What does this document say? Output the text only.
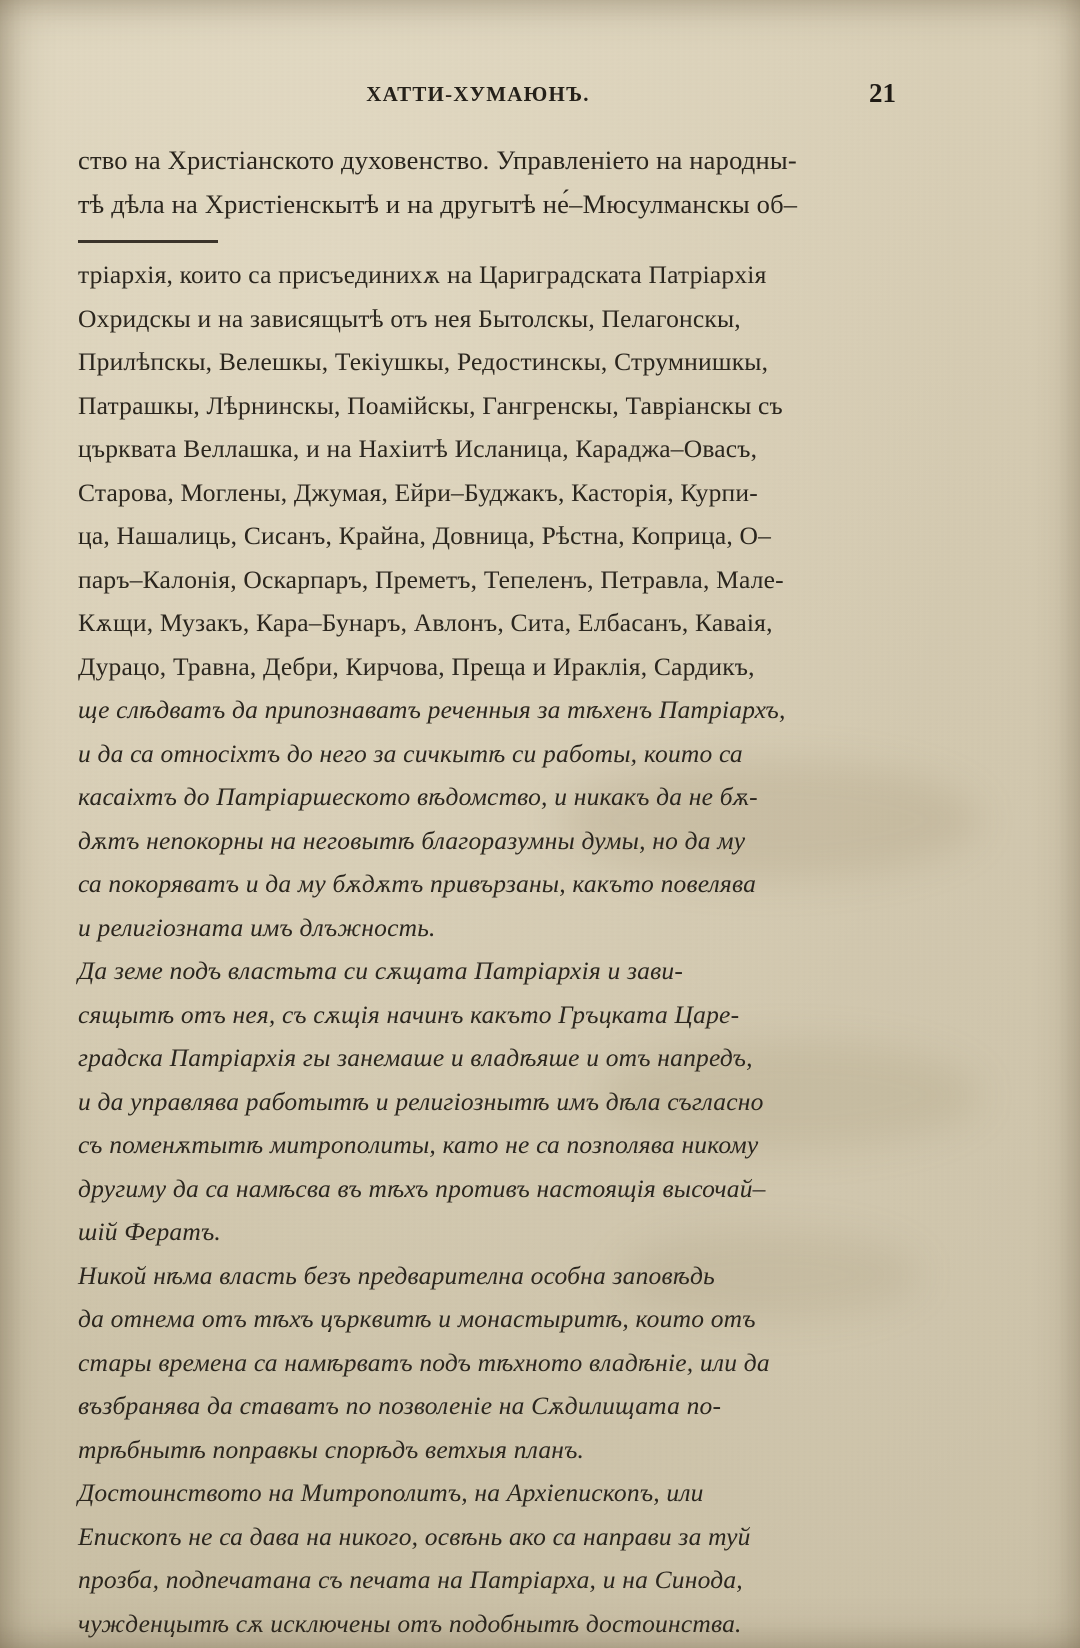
ХАТТИ-ХУМАЮНЪ.	21
ство на Христіанското духовенство. Управленіето на народны-
тѣ дѣла на Христіенскытѣ и на другытѣ не́–Мюсулманскы об–
тріархія, които са присъединихѫ на Цариградската Патріархія
Охридскы и на зависящытѣ отъ нея Бытолскы, Пелагонскы,
Прилѣпскы, Велешкы, Текіушкы, Редостинскы, Струмнишкы,
Патрашкы, Лѣрнинскы, Поамійскы, Гангренскы, Тавріанскы съ
църквата Веллашка, и на Нахіитѣ Исланица, Караджа–Овасъ,
Старова, Моглены, Джумая, Ейри–Буджакъ, Касторія, Курпи-
ца, Нашалиць, Сисанъ, Крайна, Довница, Рѣстна, Коприца, О–
паръ–Калонія, Оскарпаръ, Преметъ, Тепеленъ, Петравла, Мале-
Кѫщи, Музакъ, Кара–Бунаръ, Авлонъ, Сита, Елбасанъ, Каваія,
Дурацо, Травна, Дебри, Кирчова, Преща и Ираклія, Сардикъ,
ще слѣдватъ да припознаватъ реченныя за тѣхенъ Патріархъ,
и да са относіхтъ до него за сичкытѣ си работы, които са
касаіхтъ до Патріаршеското вѣдомство, и никакъ да не бѫ-
дѫтъ непокорны на неговытѣ благоразумны думы, но да му
са покоряватъ и да му бѫдѫтъ привързаны, какъто повелява
и религіозната имъ длъжность.
Да земе подъ властьта си сѫщата Патріархія и зави-
сящытѣ отъ нея, съ сѫщія начинъ какъто Гръцката Царе-
градска Патріархія гы занемаше и владѣяше и отъ напредъ,
и да управлява работытѣ и религіознытѣ имъ дѣла съгласно
съ поменѫтытѣ митрополиты, като не са позполява никому
другиму да са намѣсва въ тѣхъ противъ настоящія высочай–
шій Фератъ.
Никой нѣма власть безъ предварителна особна заповѣдь
да отнема отъ тѣхъ църквитѣ и монастыритѣ, които отъ
стары времена са намѣрватъ подъ тѣхното владѣніе, или да
възбранява да ставатъ по позволеніе на Сѫдилищата по-
трѣбнытѣ поправкы спорѣдъ ветхыя планъ.
Достоинството на Митрополитъ, на Архіепископъ, или
Епископъ не са дава на никого, освѣнь ако са направи за туй
прозба, подпечатана съ печата на Патріарха, и на Синода,
чужденцытѣ сѫ исключены отъ подобнытѣ достоинства.
